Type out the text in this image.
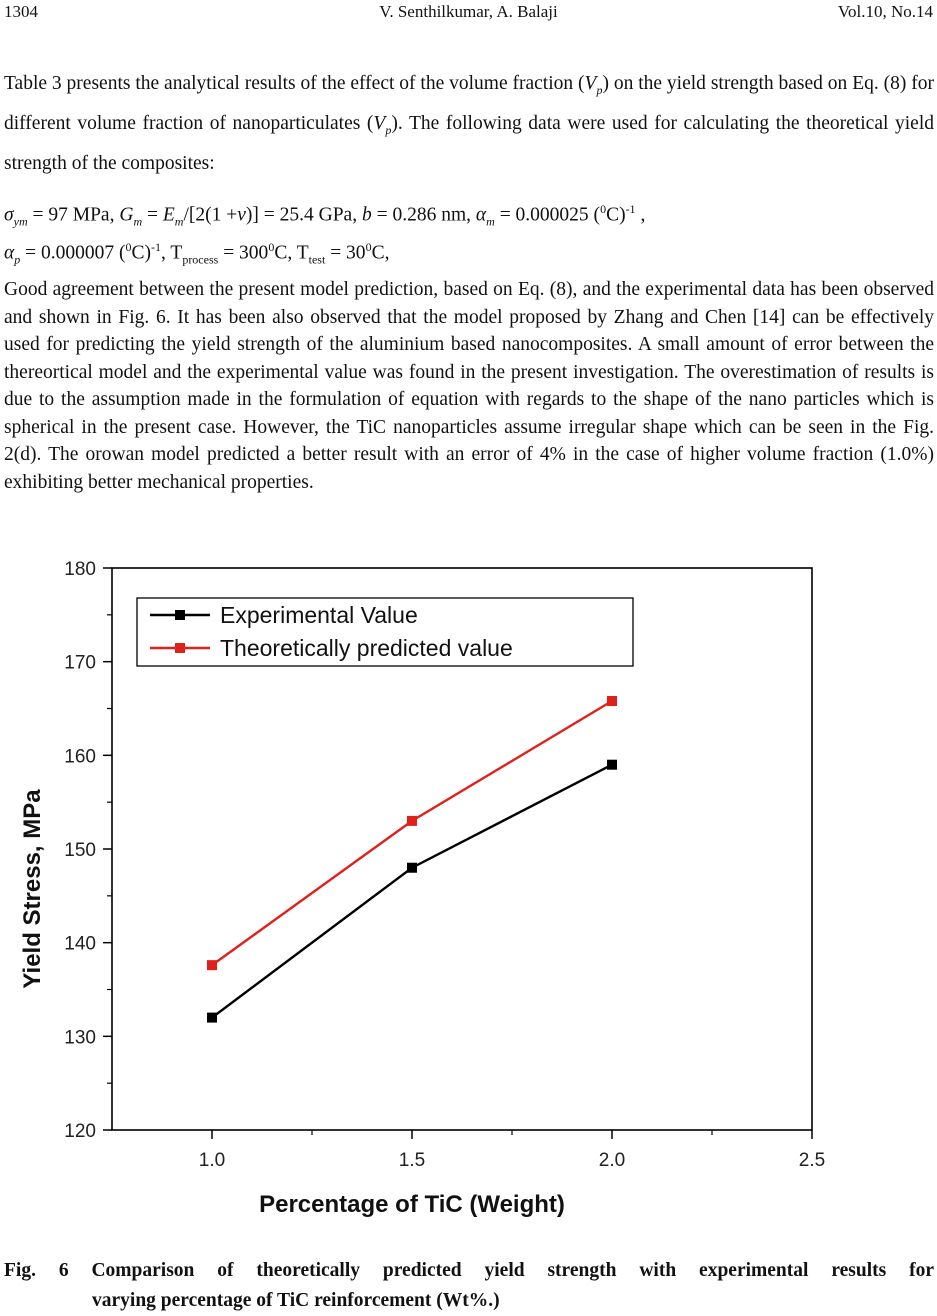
1304	V. Senthilkumar, A. Balaji	Vol.10, No.14

Table 3 presents the analytical results of the effect of the volume fraction $(V_p)$ on the yield strength based on Eq. (8) for different volume fraction of nanoparticulates $(V_p)$. The following data were used for calculating the theoretical yield strength of the composites:

$\sigma_{ym} = 97$ MPa, $G_m = E_m/[2(1 +\nu)] = 25.4$ GPa, b = 0.286 nm, $\alpha_m = 0.000025$ $(^0C)^{-1}$ ,
$\alpha_p = 0.000007$ $(^0C)^{-1}$, $T_{process} = 300^0C$, $T_{test} = 30^0C$,

Good agreement between the present model prediction, based on Eq. (8), and the experimental data has been observed and shown in Fig. 6. It has been also observed that the model proposed by Zhang and Chen [14] can be effectively used for predicting the yield strength of the aluminium based nanocomposites. A small amount of error between the thereortical model and the experimental value was found in the present investigation. The overestimation of results is due to the assumption made in the formulation of equation with regards to the shape of the nano particles which is spherical in the present case. However, the TiC nanoparticles assume irregular shape which can be seen in the Fig. 2(d). The orowan model predicted a better result with an error of 4% in the case of higher volume fraction (1.0%) exhibiting better mechanical properties.

120
130
140
150
160
170
180
1.0	1.5	2.0	2.5
Experimental Value
Theoretically predicted value
Percentage of TiC (Weight)
Yield Stress, MPa
Fig. 6 Comparison of theoretically predicted yield strength with experimental results for
varying percentage of TiC reinforcement (Wt%.)
